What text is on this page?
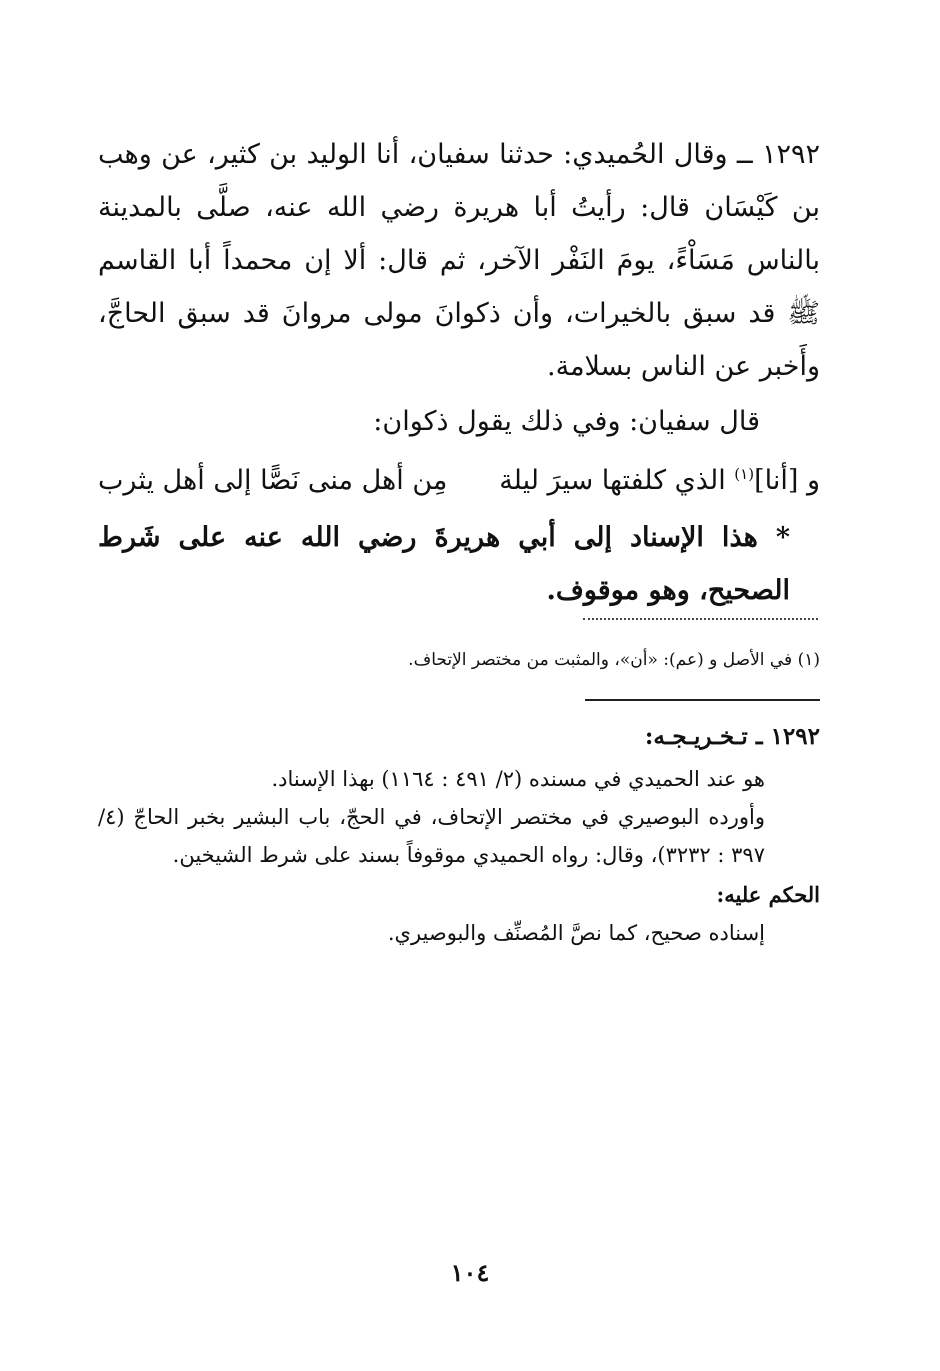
١٢٩٢ ــ وقال الحُميدي: حدثنا سفيان، أنا الوليد بن كثير، عن وهب بن كَيْسَان قال: رأيتُ أبا هريرة رضي الله عنه، صلَّى بالمدينة بالناس مَسَاْءً، يومَ النَفْر الآخر، ثم قال: ألا إن محمداً أبا القاسم ﷺ قد سبق بالخيرات، وأن ذكوانَ مولى مروانَ قد سبق الحاجَّ، وأَخبر عن الناس بسلامة.

قال سفيان: وفي ذلك يقول ذكوان:

و [أنا]$^{(١)}$ الذي كلفتها سيرَ ليلة
مِن أهل منى نَصًّا إلى أهل يثرب

* هذا الإسناد إلى أبي هريرةَ رضي الله عنه على شَرط الصحيح، وهو موقوف.

(١) في الأصل و (عم): «أن»، والمثبت من مختصر الإتحاف.

١٢٩٢ ـ تـخـريـجـه:

هو عند الحميدي في مسنده (٢/ ٤٩١ : ١١٦٤) بهذا الإسناد.

وأورده البوصيري في مختصر الإتحاف، في الحجّ، باب البشير بخبر الحاجّ (٤/ ٣٩٧ : ٣٢٣٢)، وقال: رواه الحميدي موقوفاً بسند على شرط الشيخين.

الحكم عليه:

إسناده صحيح، كما نصَّ المُصنِّف والبوصيري.

١٠٤
